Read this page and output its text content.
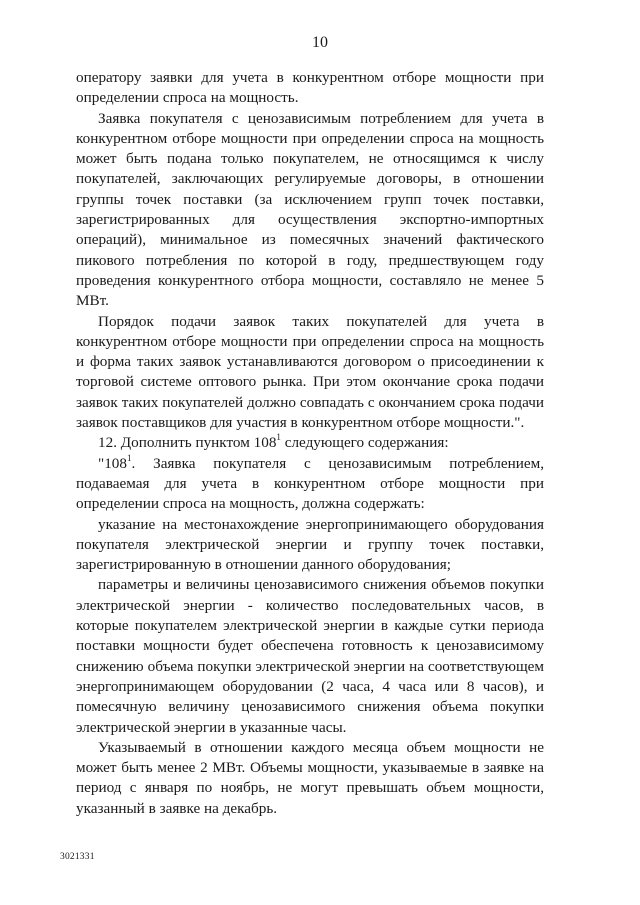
10

оператору заявки для учета в конкурентном отборе мощности при определении спроса на мощность.

Заявка покупателя с ценозависимым потреблением для учета в конкурентном отборе мощности при определении спроса на мощность может быть подана только покупателем, не относящимся к числу покупателей, заключающих регулируемые договоры, в отношении группы точек поставки (за исключением групп точек поставки, зарегистрированных для осуществления экспортно-импортных операций), минимальное из помесячных значений фактического пикового потребления по которой в году, предшествующем году проведения конкурентного отбора мощности, составляло не менее 5 МВт.

Порядок подачи заявок таких покупателей для учета в конкурентном отборе мощности при определении спроса на мощность и форма таких заявок устанавливаются договором о присоединении к торговой системе оптового рынка. При этом окончание срока подачи заявок таких покупателей должно совпадать с окончанием срока подачи заявок поставщиков для участия в конкурентном отборе мощности.".

12. Дополнить пунктом $108^1$ следующего содержания:

"$108^1$. Заявка покупателя с ценозависимым потреблением, подаваемая для учета в конкурентном отборе мощности при определении спроса на мощность, должна содержать:

указание на местонахождение энергопринимающего оборудования покупателя электрической энергии и группу точек поставки, зарегистрированную в отношении данного оборудования;

параметры и величины ценозависимого снижения объемов покупки электрической энергии - количество последовательных часов, в которые покупателем электрической энергии в каждые сутки периода поставки мощности будет обеспечена готовность к ценозависимому снижению объема покупки электрической энергии на соответствующем энергопринимающем оборудовании (2 часа, 4 часа или 8 часов), и помесячную величину ценозависимого снижения объема покупки электрической энергии в указанные часы.

Указываемый в отношении каждого месяца объем мощности не может быть менее 2 МВт. Объемы мощности, указываемые в заявке на период с января по ноябрь, не могут превышать объем мощности, указанный в заявке на декабрь.

3021331
